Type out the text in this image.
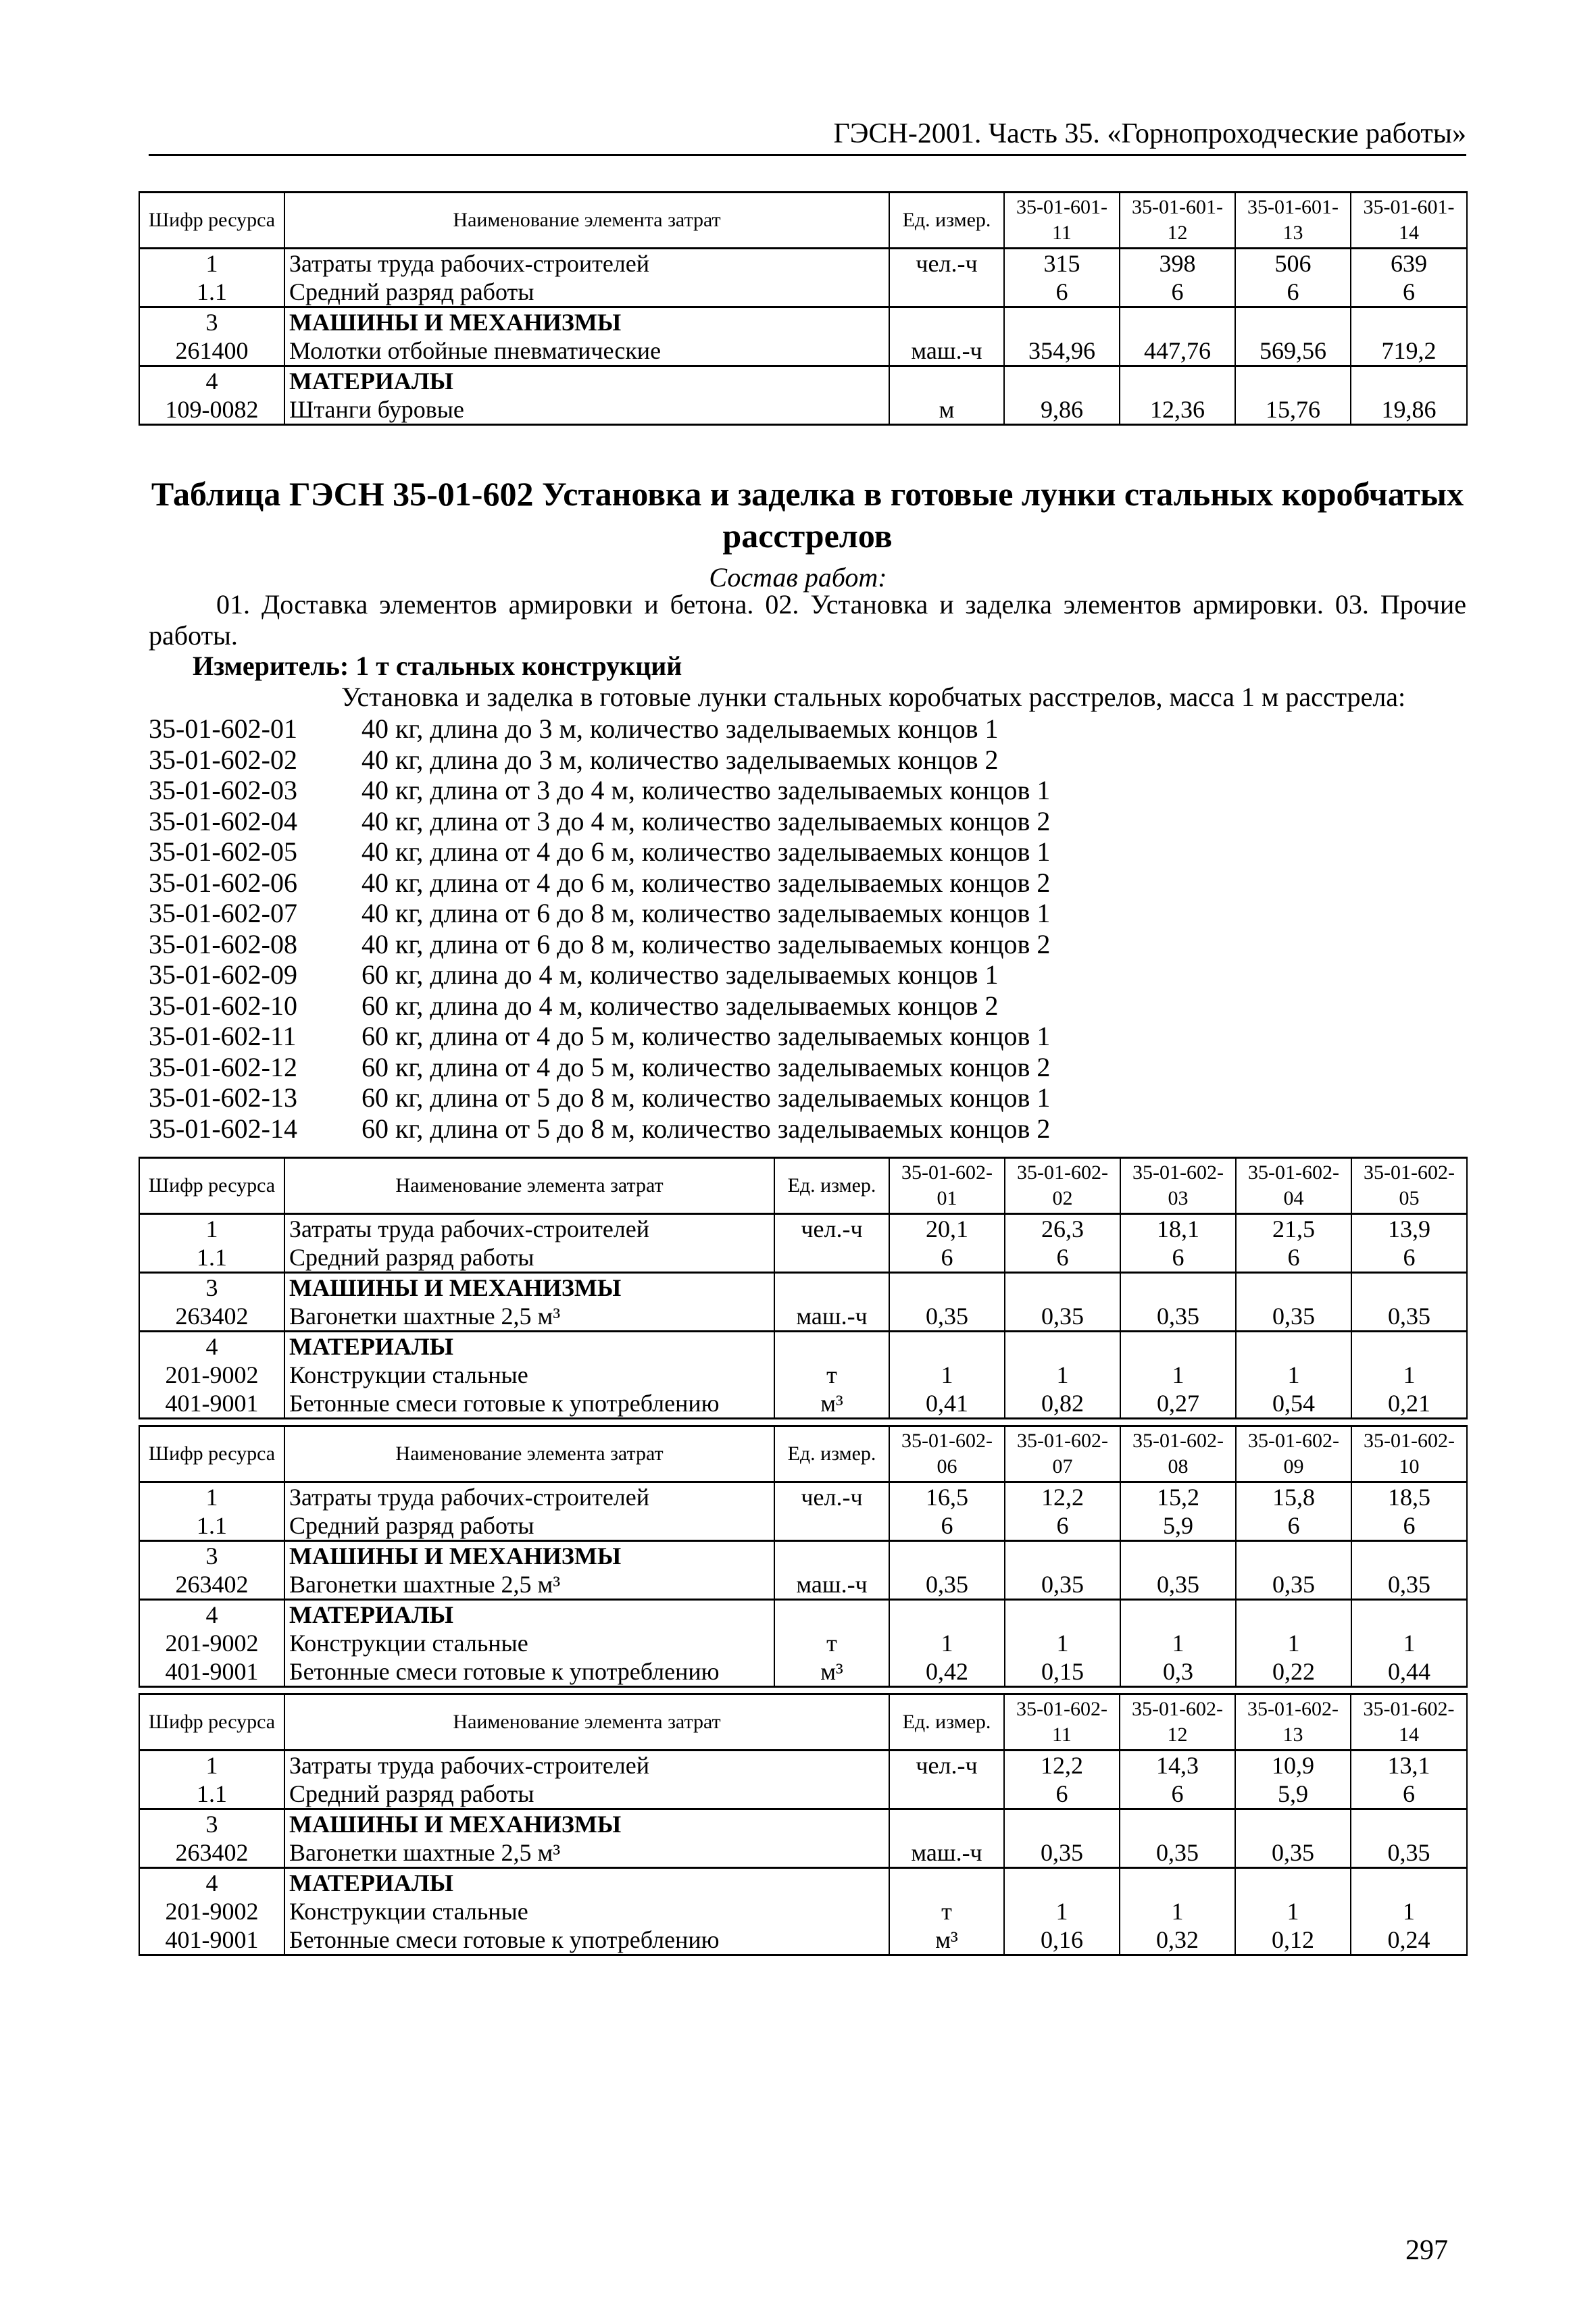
ГЭСН-2001. Часть 35. «Горнопроходческие работы»
Шифр ресурса	Наименование элемента затрат	Ед. измер.	35-01-601-11	35-01-601-12	35-01-601-13	35-01-601-14
1	Затраты труда рабочих-строителей	чел.-ч	315	398	506	639
1.1	Средний разряд работы		6	6	6	6
3	МАШИНЫ И МЕХАНИЗМЫ					
261400	Молотки отбойные пневматические	маш.-ч	354,96	447,76	569,56	719,2
4	МАТЕРИАЛЫ					
109-0082	Штанги буровые	м	9,86	12,36	15,76	19,86
Таблица ГЭСН 35-01-602 Установка и заделка в готовые лунки стальных коробчатых
расстрелов
Состав работ:
01. Доставка элементов армировки и бетона. 02. Установка и заделка элементов армировки. 03. Прочие работы.
Измеритель: 1 т стальных конструкций
Установка и заделка в готовые лунки стальных коробчатых расстрелов, масса 1 м расстрела:
35-01-602-01	40 кг, длина до 3 м, количество заделываемых концов 1
35-01-602-02	40 кг, длина до 3 м, количество заделываемых концов 2
35-01-602-03	40 кг, длина от 3 до 4 м, количество заделываемых концов 1
35-01-602-04	40 кг, длина от 3 до 4 м, количество заделываемых концов 2
35-01-602-05	40 кг, длина от 4 до 6 м, количество заделываемых концов 1
35-01-602-06	40 кг, длина от 4 до 6 м, количество заделываемых концов 2
35-01-602-07	40 кг, длина от 6 до 8 м, количество заделываемых концов 1
35-01-602-08	40 кг, длина от 6 до 8 м, количество заделываемых концов 2
35-01-602-09	60 кг, длина до 4 м, количество заделываемых концов 1
35-01-602-10	60 кг, длина до 4 м, количество заделываемых концов 2
35-01-602-11	60 кг, длина от 4 до 5 м, количество заделываемых концов 1
35-01-602-12	60 кг, длина от 4 до 5 м, количество заделываемых концов 2
35-01-602-13	60 кг, длина от 5 до 8 м, количество заделываемых концов 1
35-01-602-14	60 кг, длина от 5 до 8 м, количество заделываемых концов 2
Шифр ресурса	Наименование элемента затрат	Ед. измер.	35-01-602-01	35-01-602-02	35-01-602-03	35-01-602-04	35-01-602-05
1	Затраты труда рабочих-строителей	чел.-ч	20,1	26,3	18,1	21,5	13,9
1.1	Средний разряд работы		6	6	6	6	6
3	МАШИНЫ И МЕХАНИЗМЫ						
263402	Вагонетки шахтные 2,5 м³	маш.-ч	0,35	0,35	0,35	0,35	0,35
4	МАТЕРИАЛЫ						
201-9002	Конструкции стальные	т	1	1	1	1	1
401-9001	Бетонные смеси готовые к употреблению	м³	0,41	0,82	0,27	0,54	0,21
Шифр ресурса	Наименование элемента затрат	Ед. измер.	35-01-602-06	35-01-602-07	35-01-602-08	35-01-602-09	35-01-602-10
1	Затраты труда рабочих-строителей	чел.-ч	16,5	12,2	15,2	15,8	18,5
1.1	Средний разряд работы		6	6	5,9	6	6
3	МАШИНЫ И МЕХАНИЗМЫ						
263402	Вагонетки шахтные 2,5 м³	маш.-ч	0,35	0,35	0,35	0,35	0,35
4	МАТЕРИАЛЫ						
201-9002	Конструкции стальные	т	1	1	1	1	1
401-9001	Бетонные смеси готовые к употреблению	м³	0,42	0,15	0,3	0,22	0,44
Шифр ресурса	Наименование элемента затрат	Ед. измер.	35-01-602-11	35-01-602-12	35-01-602-13	35-01-602-14
1	Затраты труда рабочих-строителей	чел.-ч	12,2	14,3	10,9	13,1
1.1	Средний разряд работы		6	6	5,9	6
3	МАШИНЫ И МЕХАНИЗМЫ					
263402	Вагонетки шахтные 2,5 м³	маш.-ч	0,35	0,35	0,35	0,35
4	МАТЕРИАЛЫ					
201-9002	Конструкции стальные	т	1	1	1	1
401-9001	Бетонные смеси готовые к употреблению	м³	0,16	0,32	0,12	0,24
297
